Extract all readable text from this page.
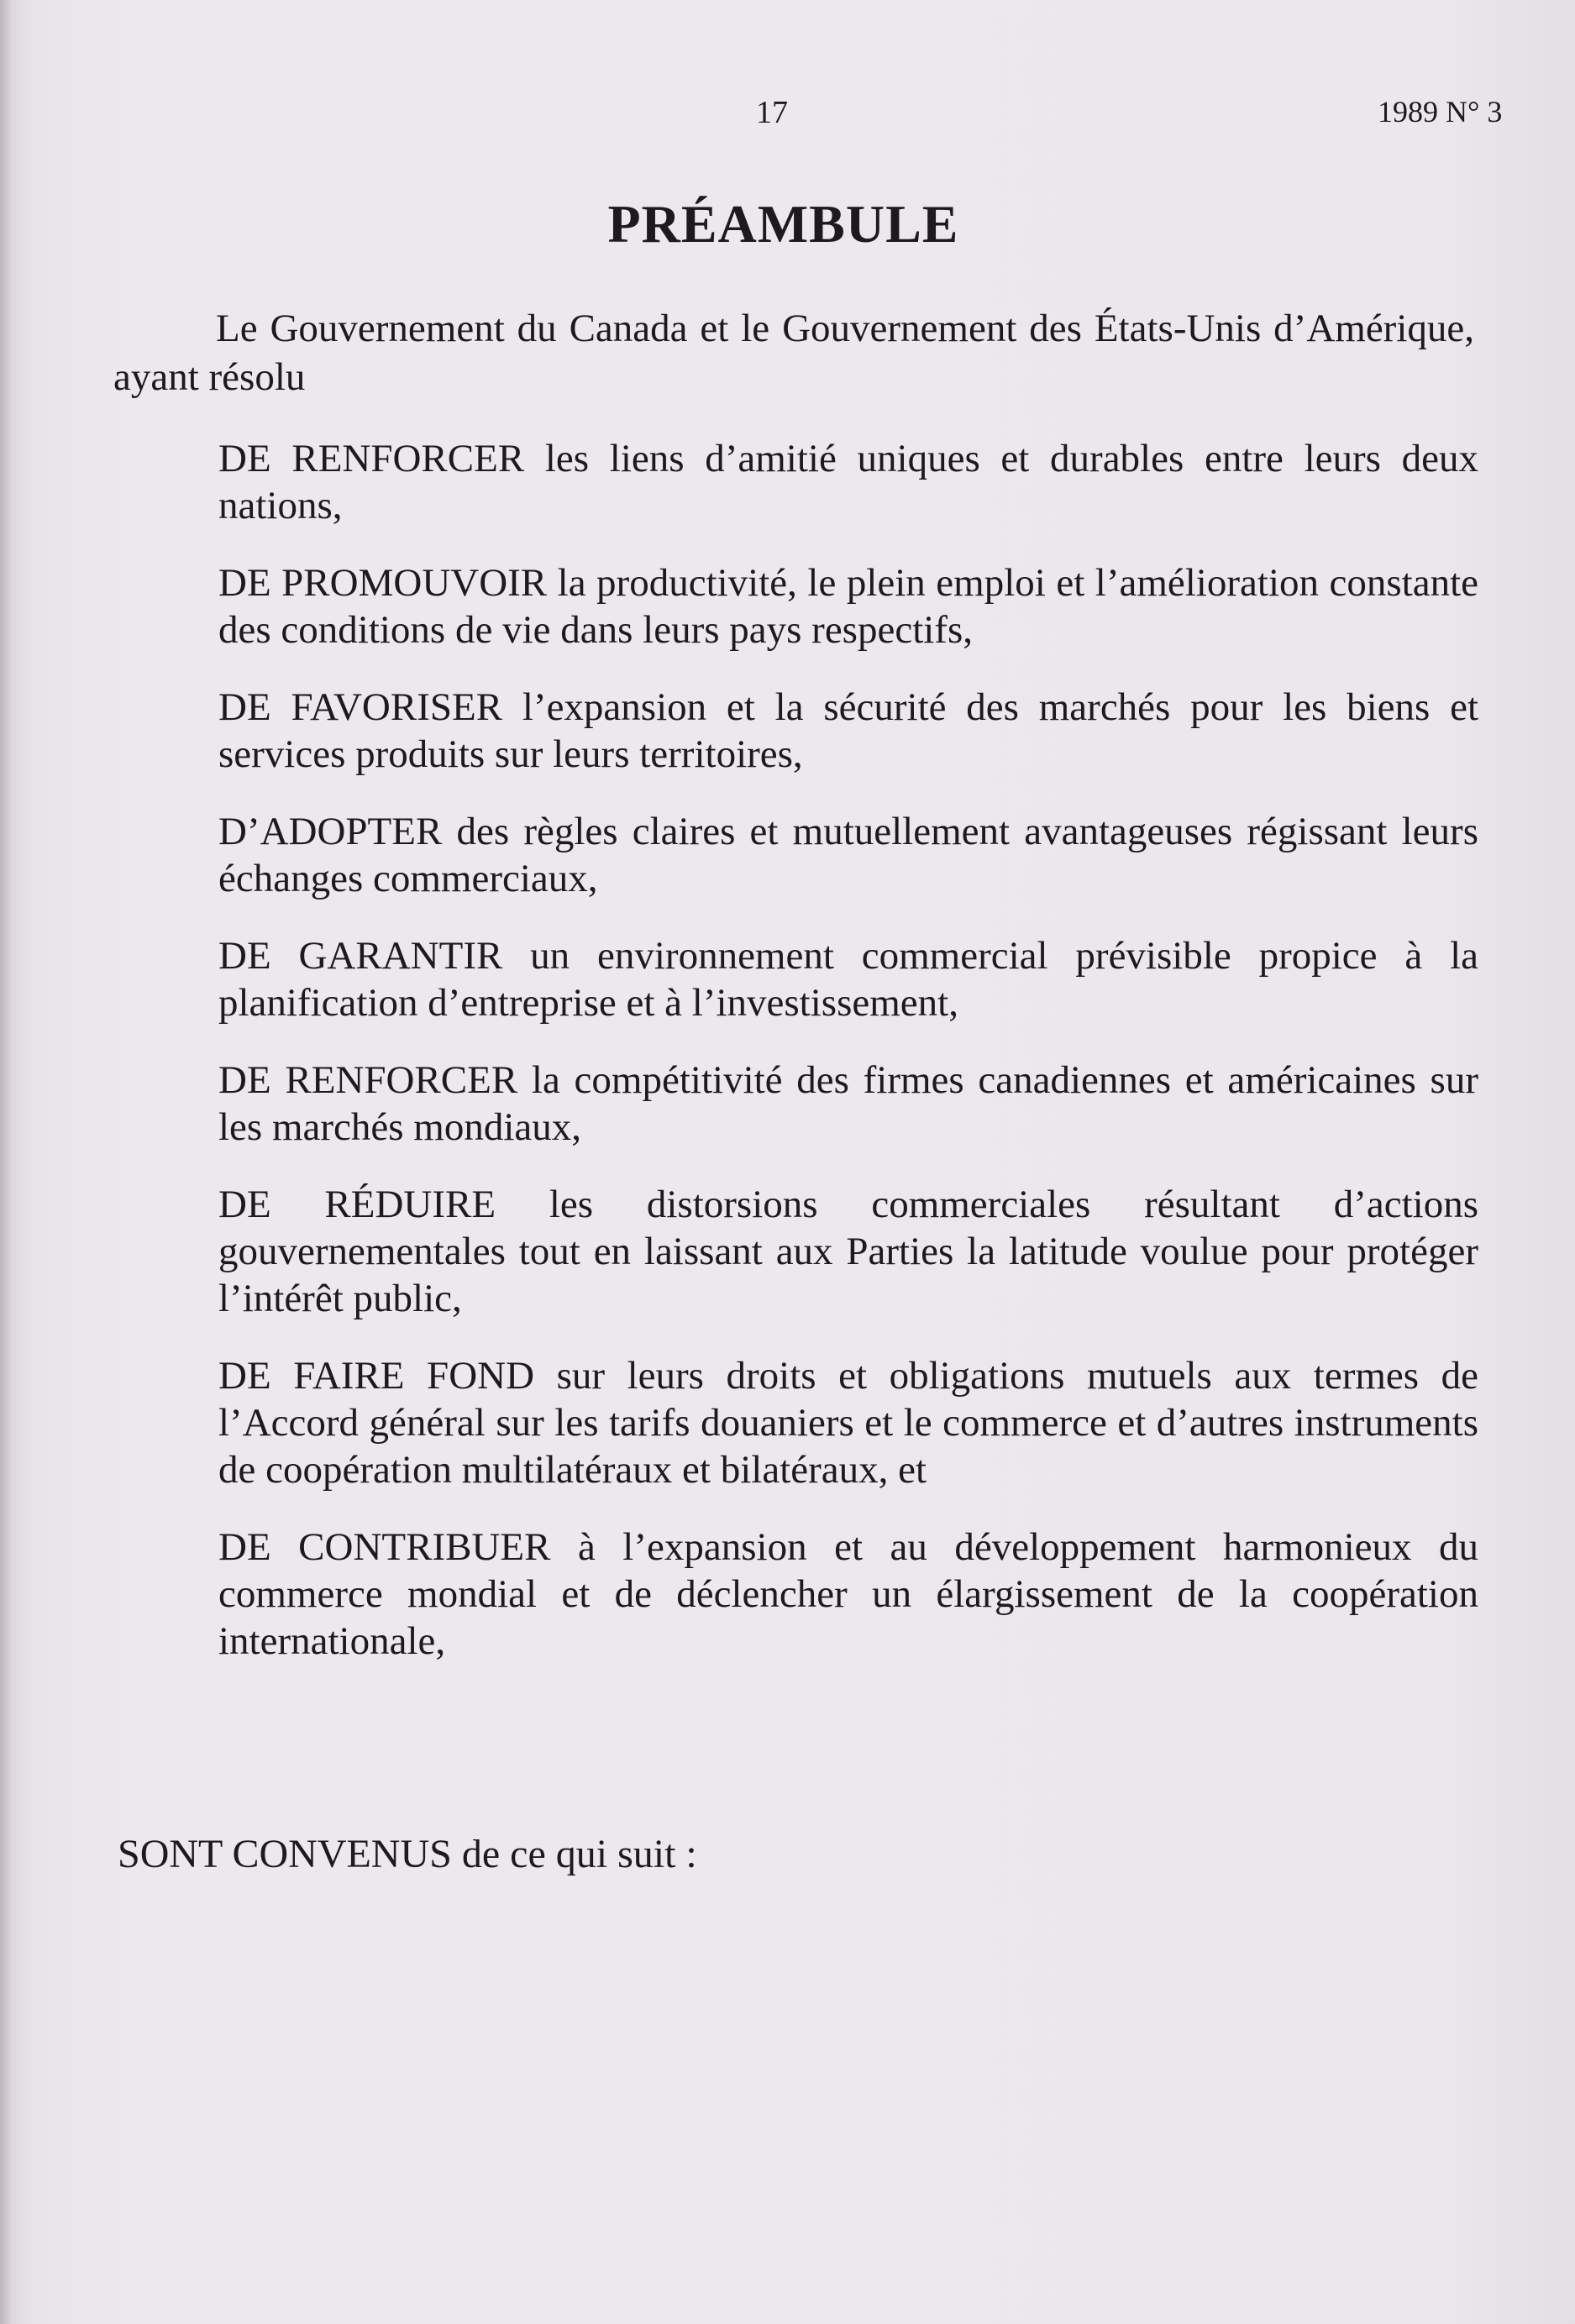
17	1989 N° 3
PRÉAMBULE
Le Gouvernement du Canada et le Gouvernement des États-Unis d’Amérique, ayant résolu

DE RENFORCER les liens d’amitié uniques et durables entre leurs deux nations,

DE PROMOUVOIR la productivité, le plein emploi et l’amélioration constante des conditions de vie dans leurs pays respectifs,

DE FAVORISER l’expansion et la sécurité des marchés pour les biens et services produits sur leurs territoires,

D’ADOPTER des règles claires et mutuellement avantageuses régissant leurs échanges commerciaux,

DE GARANTIR un environnement commercial prévisible propice à la planification d’entreprise et à l’investissement,

DE RENFORCER la compétitivité des firmes canadiennes et américaines sur les marchés mondiaux,

DE RÉDUIRE les distorsions commerciales résultant d’actions gouvernementales tout en laissant aux Parties la latitude voulue pour protéger l’intérêt public,

DE FAIRE FOND sur leurs droits et obligations mutuels aux termes de l’Accord général sur les tarifs douaniers et le commerce et d’autres instruments de coopération multilatéraux et bilatéraux, et

DE CONTRIBUER à l’expansion et au développement harmonieux du commerce mondial et de déclencher un élargissement de la coopération internationale,

SONT CONVENUS de ce qui suit :
